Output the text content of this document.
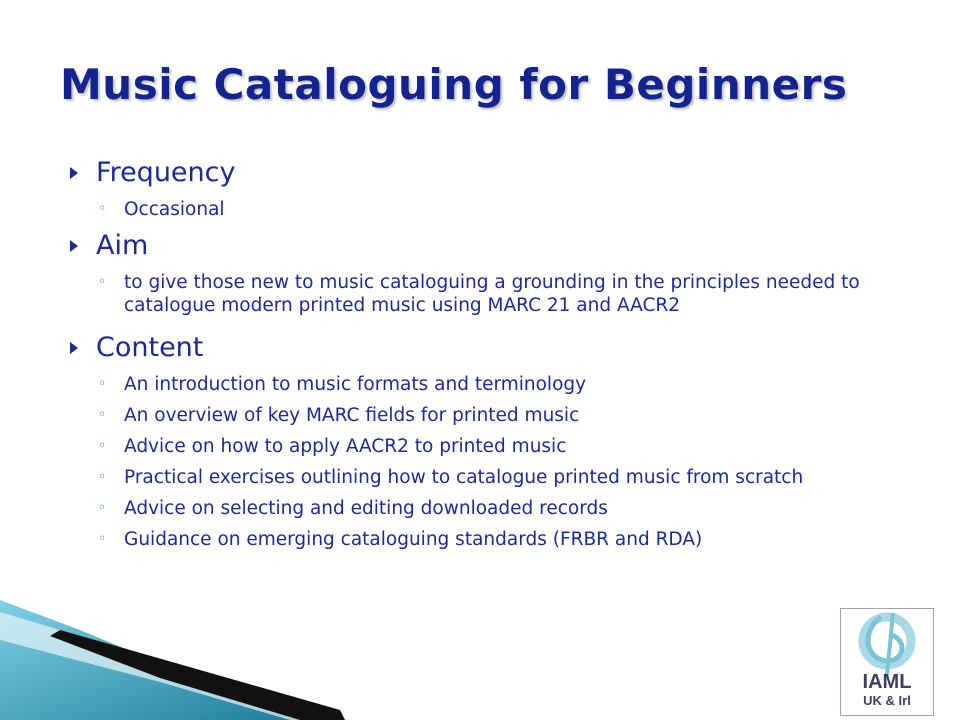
Music Cataloguing for Beginners
Frequency
◦ Occasional
Aim
◦ to give those new to music cataloguing a grounding in the principles needed to catalogue modern printed music using MARC 21 and AACR2
Content
◦ An introduction to music formats and terminology
◦ An overview of key MARC fields for printed music
◦ Advice on how to apply AACR2 to printed music
◦ Practical exercises outlining how to catalogue printed music from scratch
◦ Advice on selecting and editing downloaded records
◦ Guidance on emerging cataloguing standards (FRBR and RDA)
IAML
UK & Irl
